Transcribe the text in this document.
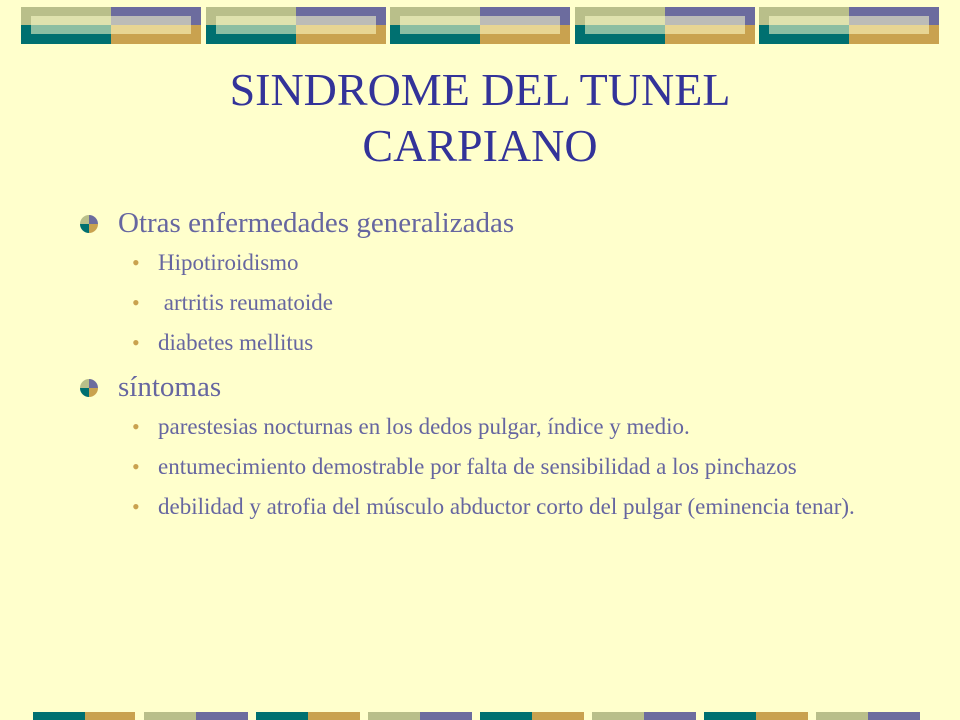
SINDROME DEL TUNEL
CARPIANO
Otras enfermedades generalizadas
• Hipotiroidismo
• artritis reumatoide
• diabetes mellitus
síntomas
• parestesias nocturnas en los dedos pulgar, índice y medio.
• entumecimiento demostrable por falta de sensibilidad a los pinchazos
• debilidad y atrofia del músculo abductor corto del pulgar (eminencia tenar).
